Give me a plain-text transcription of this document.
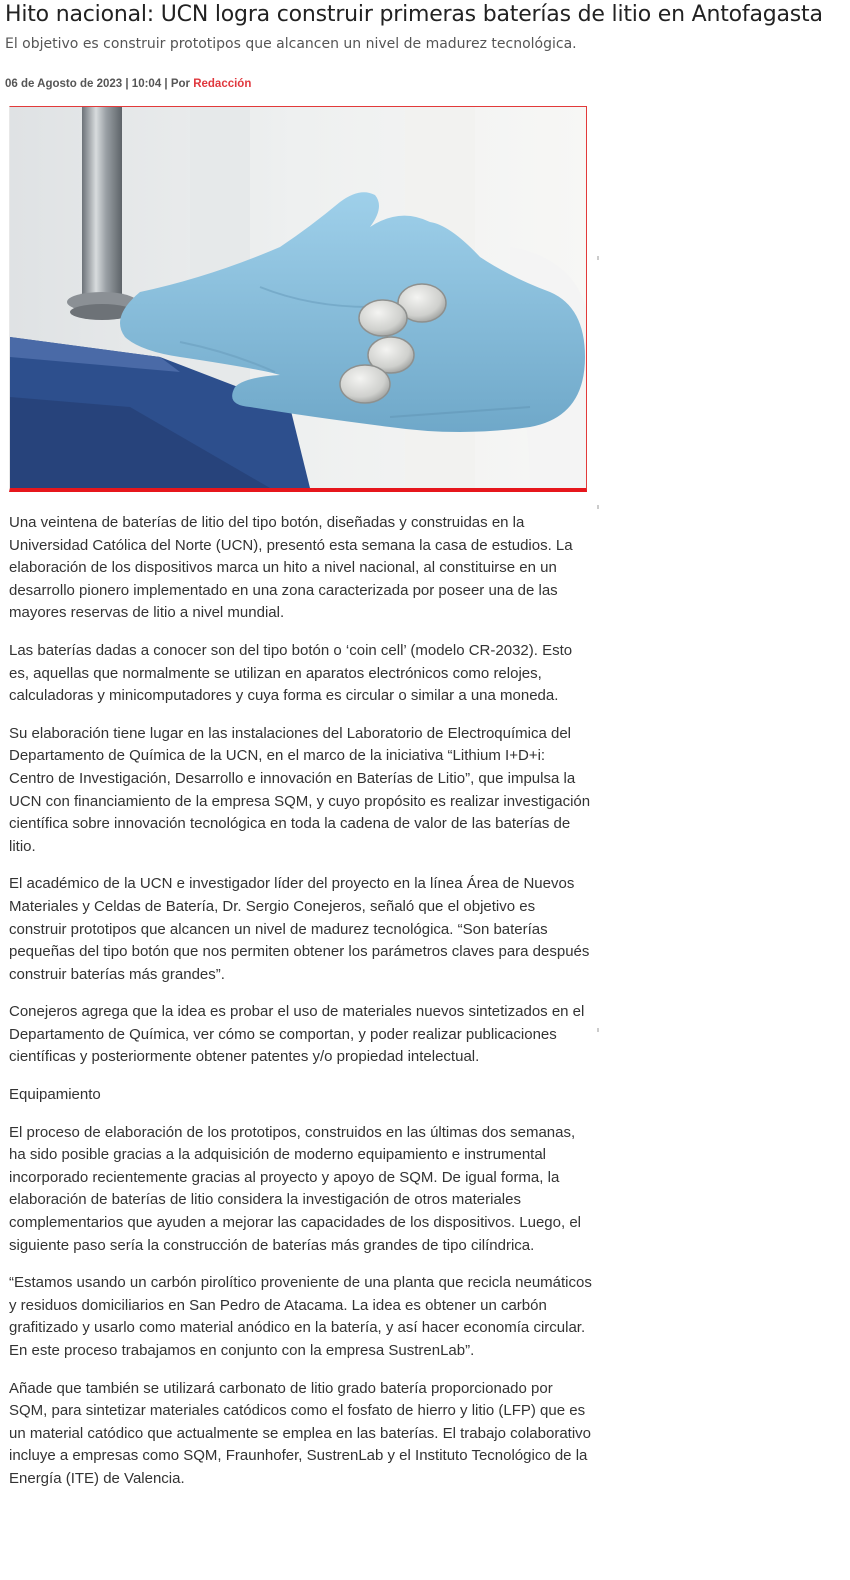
Hito nacional: UCN logra construir primeras baterías de litio en Antofagasta
El objetivo es construir prototipos que alcancen un nivel de madurez tecnológica.
06 de Agosto de 2023 | 10:04 | Por Redacción

Una veintena de baterías de litio del tipo botón, diseñadas y construidas en la Universidad Católica del Norte (UCN), presentó esta semana la casa de estudios. La elaboración de los dispositivos marca un hito a nivel nacional, al constituirse en un desarrollo pionero implementado en una zona caracterizada por poseer una de las mayores reservas de litio a nivel mundial.

Las baterías dadas a conocer son del tipo botón o ‘coin cell’ (modelo CR-2032). Esto es, aquellas que normalmente se utilizan en aparatos electrónicos como relojes, calculadoras y minicomputadores y cuya forma es circular o similar a una moneda.

Su elaboración tiene lugar en las instalaciones del Laboratorio de Electroquímica del Departamento de Química de la UCN, en el marco de la iniciativa “Lithium I+D+i: Centro de Investigación, Desarrollo e innovación en Baterías de Litio”, que impulsa la UCN con financiamiento de la empresa SQM, y cuyo propósito es realizar investigación científica sobre innovación tecnológica en toda la cadena de valor de las baterías de litio.

El académico de la UCN e investigador líder del proyecto en la línea Área de Nuevos Materiales y Celdas de Batería, Dr. Sergio Conejeros, señaló que el objetivo es construir prototipos que alcancen un nivel de madurez tecnológica. “Son baterías pequeñas del tipo botón que nos permiten obtener los parámetros claves para después construir baterías más grandes”.

Conejeros agrega que la idea es probar el uso de materiales nuevos sintetizados en el Departamento de Química, ver cómo se comportan, y poder realizar publicaciones científicas y posteriormente obtener patentes y/o propiedad intelectual.

Equipamiento

El proceso de elaboración de los prototipos, construidos en las últimas dos semanas, ha sido posible gracias a la adquisición de moderno equipamiento e instrumental incorporado recientemente gracias al proyecto y apoyo de SQM. De igual forma, la elaboración de baterías de litio considera la investigación de otros materiales complementarios que ayuden a mejorar las capacidades de los dispositivos. Luego, el siguiente paso sería la construcción de baterías más grandes de tipo cilíndrica.

“Estamos usando un carbón pirolítico proveniente de una planta que recicla neumáticos y residuos domiciliarios en San Pedro de Atacama. La idea es obtener un carbón grafitizado y usarlo como material anódico en la batería, y así hacer economía circular. En este proceso trabajamos en conjunto con la empresa SustrenLab”.

Añade que también se utilizará carbonato de litio grado batería proporcionado por SQM, para sintetizar materiales catódicos como el fosfato de hierro y litio (LFP) que es un material catódico que actualmente se emplea en las baterías. El trabajo colaborativo incluye a empresas como SQM, Fraunhofer, SustrenLab y el Instituto Tecnológico de la Energía (ITE) de Valencia.
